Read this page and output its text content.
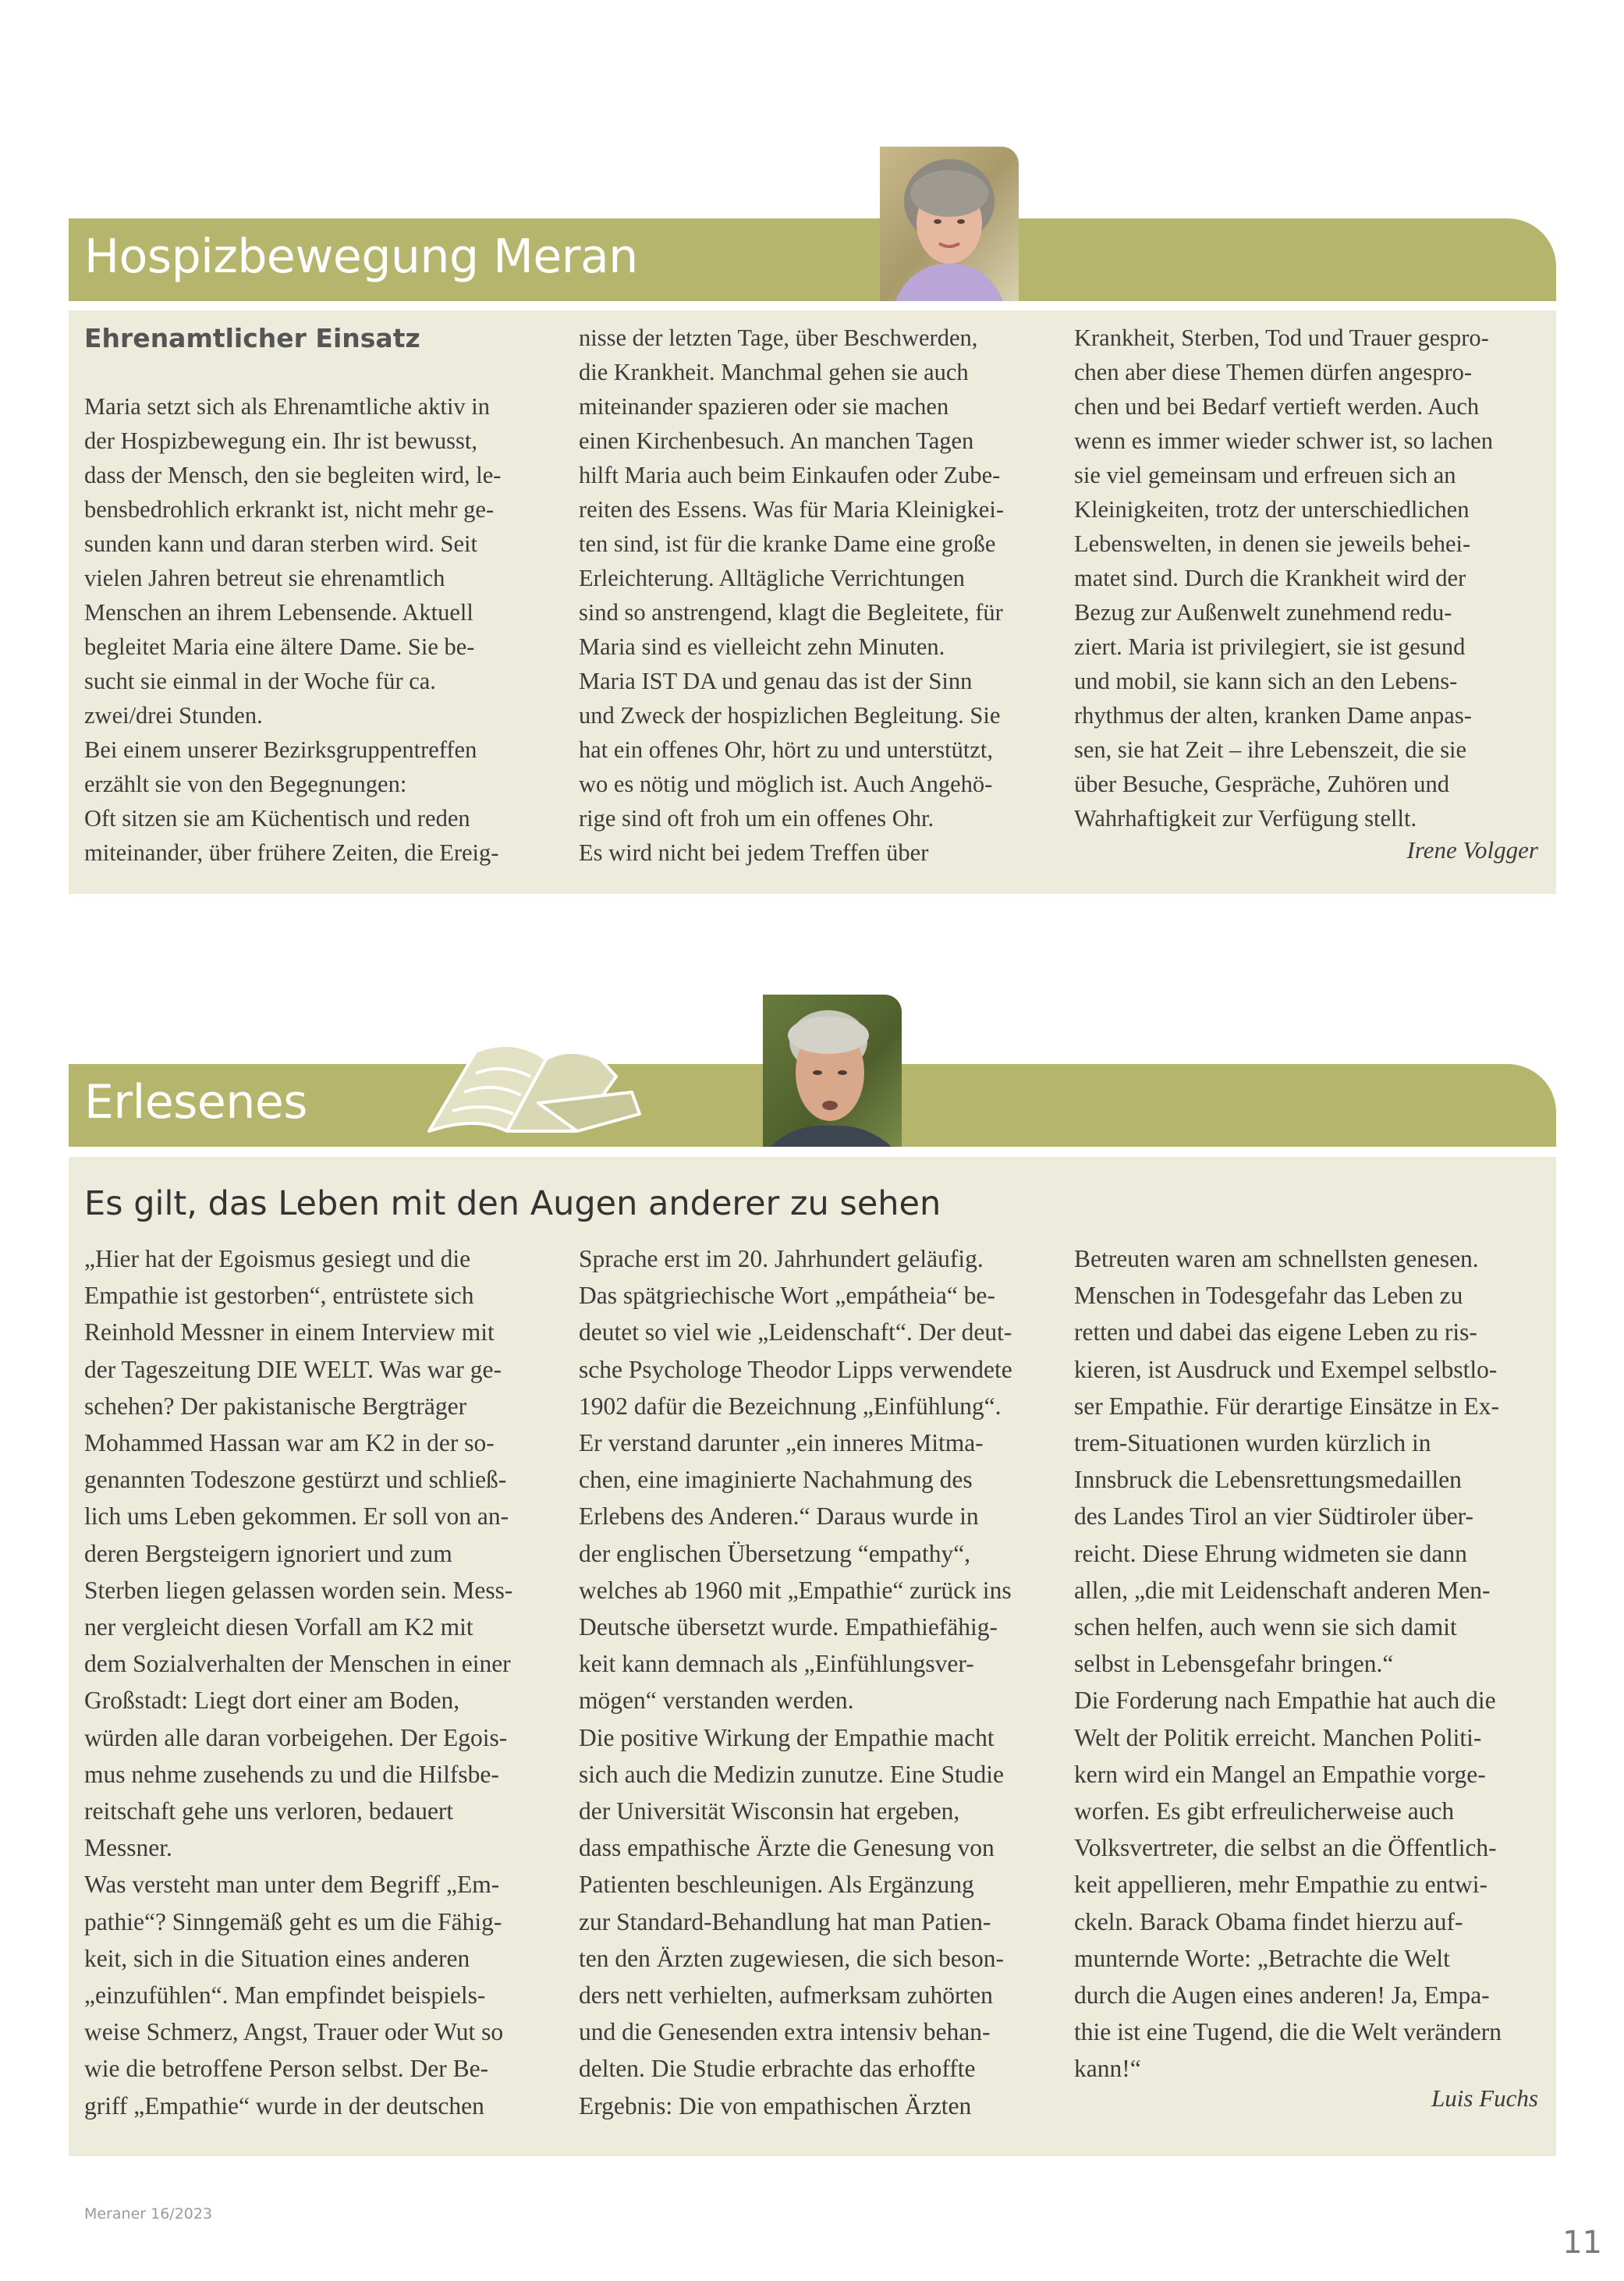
Hospizbewegung Meran
Ehrenamtlicher Einsatz
Maria setzt sich als Ehrenamtliche aktiv in
der Hospizbewegung ein. Ihr ist bewusst,
dass der Mensch, den sie begleiten wird, le-
bensbedrohlich erkrankt ist, nicht mehr ge-
sunden kann und daran sterben wird. Seit
vielen Jahren betreut sie ehrenamtlich
Menschen an ihrem Lebensende. Aktuell
begleitet Maria eine ältere Dame. Sie be-
sucht sie einmal in der Woche für ca.
zwei/drei Stunden.
Bei einem unserer Bezirksgruppentreffen
erzählt sie von den Begegnungen:
Oft sitzen sie am Küchentisch und reden
miteinander, über frühere Zeiten, die Ereig-
nisse der letzten Tage, über Beschwerden,
die Krankheit. Manchmal gehen sie auch
miteinander spazieren oder sie machen
einen Kirchenbesuch. An manchen Tagen
hilft Maria auch beim Einkaufen oder Zube-
reiten des Essens. Was für Maria Kleinigkei-
ten sind, ist für die kranke Dame eine große
Erleichterung. Alltägliche Verrichtungen
sind so anstrengend, klagt die Begleitete, für
Maria sind es vielleicht zehn Minuten.
Maria IST DA und genau das ist der Sinn
und Zweck der hospizlichen Begleitung. Sie
hat ein offenes Ohr, hört zu und unterstützt,
wo es nötig und möglich ist. Auch Angehö-
rige sind oft froh um ein offenes Ohr.
Es wird nicht bei jedem Treffen über
Krankheit, Sterben, Tod und Trauer gespro-
chen aber diese Themen dürfen angespro-
chen und bei Bedarf vertieft werden. Auch
wenn es immer wieder schwer ist, so lachen
sie viel gemeinsam und erfreuen sich an
Kleinigkeiten, trotz der unterschiedlichen
Lebenswelten, in denen sie jeweils behei-
matet sind. Durch die Krankheit wird der
Bezug zur Außenwelt zunehmend redu-
ziert. Maria ist privilegiert, sie ist gesund
und mobil, sie kann sich an den Lebens-
rhythmus der alten, kranken Dame anpas-
sen, sie hat Zeit – ihre Lebenszeit, die sie
über Besuche, Gespräche, Zuhören und
Wahrhaftigkeit zur Verfügung stellt.
Irene Volgger
Erlesenes
Es gilt, das Leben mit den Augen anderer zu sehen
„Hier hat der Egoismus gesiegt und die
Empathie ist gestorben“, entrüstete sich
Reinhold Messner in einem Interview mit
der Tageszeitung DIE WELT. Was war ge-
schehen? Der pakistanische Bergträger
Mohammed Hassan war am K2 in der so-
genannten Todeszone gestürzt und schließ-
lich ums Leben gekommen. Er soll von an-
deren Bergsteigern ignoriert und zum
Sterben liegen gelassen worden sein. Mess-
ner vergleicht diesen Vorfall am K2 mit
dem Sozialverhalten der Menschen in einer
Großstadt: Liegt dort einer am Boden,
würden alle daran vorbeigehen. Der Egois-
mus nehme zusehends zu und die Hilfsbe-
reitschaft gehe uns verloren, bedauert
Messner.
Was versteht man unter dem Begriff „Em-
pathie“? Sinngemäß geht es um die Fähig-
keit, sich in die Situation eines anderen
„einzufühlen“. Man empfindet beispiels-
weise Schmerz, Angst, Trauer oder Wut so
wie die betroffene Person selbst. Der Be-
griff „Empathie“ wurde in der deutschen
Sprache erst im 20. Jahrhundert geläufig.
Das spätgriechische Wort „empátheia“ be-
deutet so viel wie „Leidenschaft“. Der deut-
sche Psychologe Theodor Lipps verwendete
1902 dafür die Bezeichnung „Einfühlung“.
Er verstand darunter „ein inneres Mitma-
chen, eine imaginierte Nachahmung des
Erlebens des Anderen.“ Daraus wurde in
der englischen Übersetzung “empathy“,
welches ab 1960 mit „Empathie“ zurück ins
Deutsche übersetzt wurde. Empathiefähig-
keit kann demnach als „Einfühlungsver-
mögen“ verstanden werden.
Die positive Wirkung der Empathie macht
sich auch die Medizin zunutze. Eine Studie
der Universität Wisconsin hat ergeben,
dass empathische Ärzte die Genesung von
Patienten beschleunigen. Als Ergänzung
zur Standard-Behandlung hat man Patien-
ten den Ärzten zugewiesen, die sich beson-
ders nett verhielten, aufmerksam zuhörten
und die Genesenden extra intensiv behan-
delten. Die Studie erbrachte das erhoffte
Ergebnis: Die von empathischen Ärzten
Betreuten waren am schnellsten genesen.
Menschen in Todesgefahr das Leben zu
retten und dabei das eigene Leben zu ris-
kieren, ist Ausdruck und Exempel selbstlo-
ser Empathie. Für derartige Einsätze in Ex-
trem-Situationen wurden kürzlich in
Innsbruck die Lebensrettungsmedaillen
des Landes Tirol an vier Südtiroler über-
reicht. Diese Ehrung widmeten sie dann
allen, „die mit Leidenschaft anderen Men-
schen helfen, auch wenn sie sich damit
selbst in Lebensgefahr bringen.“
Die Forderung nach Empathie hat auch die
Welt der Politik erreicht. Manchen Politi-
kern wird ein Mangel an Empathie vorge-
worfen. Es gibt erfreulicherweise auch
Volksvertreter, die selbst an die Öffentlich-
keit appellieren, mehr Empathie zu entwi-
ckeln. Barack Obama findet hierzu auf-
munternde Worte: „Betrachte die Welt
durch die Augen eines anderen! Ja, Empa-
thie ist eine Tugend, die die Welt verändern
kann!“
Luis Fuchs
Meraner 16/2023
11
